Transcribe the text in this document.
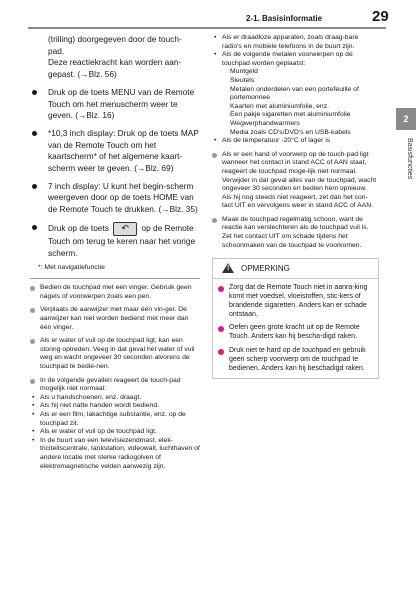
2-1. Basisinformatie	29
2
Basisfuncties

(trilling) doorgegeven door de touch-

pad.

Deze reactiekracht kan worden aan-

gepast. (→Blz. 56)

Druk op de toets MENU van de Remote Touch om het menuscherm weer te geven. (→Blz. 16)
*10,3 inch display: Druk op de toets MAP van de Remote Touch om het kaartscherm* of het algemene kaart-scherm weer te geven. (→Blz. 69)
7 inch display: U kunt het begin-scherm weergeven door op de toets HOME van de Remote Touch te drukken. (→Blz. 35)
Druk op de toets ↶ op de Remote Touch om terug te keren naar het vorige scherm.
*: Met navigatiefunctie
Bedien de touchpad met een vinger. Gebruik geen nagels of voorwerpen zoals een pen.
Verplaats de aanwijzer met maar één vin-ger. De aanwijzer kan niet worden bediend met meer dan één vinger.
Als er water of vuil op de touchpad ligt, kan een storing optreden. Veeg in dat geval het water of vuil weg en wacht ongeveer 30 seconden alvorens de touchpad te bedie-nen.
In de volgende gevallen reageert de touch-pad mogelijk niet normaal:
• Als u handschoenen, enz. draagt.
• Als hij niet natte handen wordt bediend.
• Als er een film, lakachtige substantie, enz. op de touchpad zit.
• Als er water of vuil op de touchpad ligt.
• In de buurt van een televisiezendmast, elek-triciteitscentrale, tankstation, videowall, luchthaven of andere locatie met sterke radiogolven of elektromagnetische velden aanwezig zijn.
• Als er draadloze apparaten, zoals draag-bare radio's en mobiele telefoons in de buurt zijn.
• Als de volgende metalen voorwerpen op de touchpad worden geplaatst:
Muntgeld
Sleutels
Metalen onderdelen van een portefeuille of portemonnee
Kaarten met aluminiumfolie, enz.
Een pakje sigaretten met aluminiumfolie
Wegwerphandwarmers
Media zoals CD's/DVD's en USB-kabels
• Als de temperatuur -20°C of lager is
Als er een hand of voorwerp op de touch-pad ligt wanneer het contact in stand ACC of AAN staat, reageert de touchpad moge-lijk niet normaal. Verwijder in dat geval alles van de touchpad, wacht ongeveer 30 seconden en bedien hem opnieuw. Als hij nog steeds niet reageert, zet dan het con-tact UIT en vervolgens weer in stand ACC of AAN.
Maak de touchpad regelmatig schoon, want de reactie kan verslechteren als de touchpad vuil is. Zet het contact UIT om schade tijdens het schoonmaken van de touchpad te voorkomen.
! OPMERKING
Zorg dat de Remote Touch niet in aanra-king komt met voedsel, vloeistoffen, stic-kers of brandende sigaretten. Anders kan er schade ontstaan.
Oefen geen grote kracht uit op de Remote Touch. Anders kan hij bescha-digd raken.
Druk niet te hard op de touchpad en gebruik geen scherp voorwerp om de touchpad te bedienen. Anders kan hij beschadigd raken.
